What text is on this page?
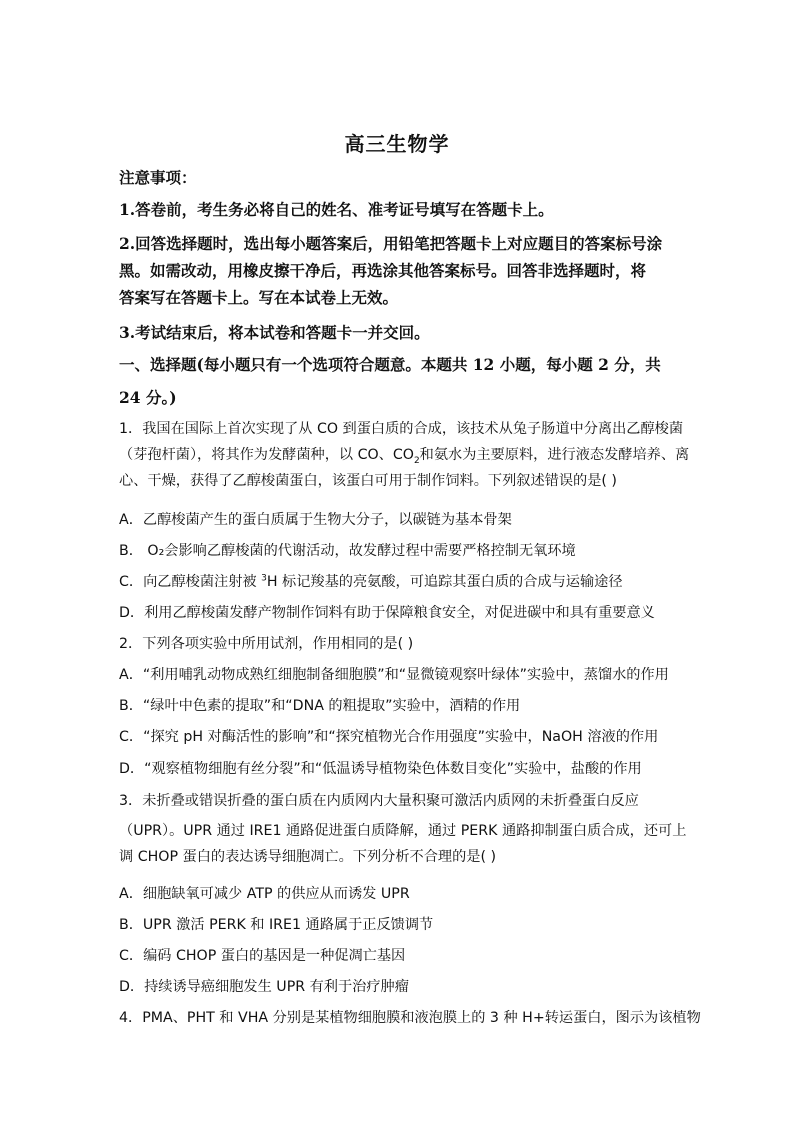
高三生物学
注意事项：
1.答卷前，考生务必将自己的姓名、准考证号填写在答题卡上。
2.回答选择题时，选出每小题答案后，用铅笔把答题卡上对应题目的答案标号涂
黑。如需改动，用橡皮擦干净后，再选涂其他答案标号。回答非选择题时，将
答案写在答题卡上。写在本试卷上无效。
3.考试结束后，将本试卷和答题卡一并交回。
一、选择题(每小题只有一个选项符合题意。本题共 12 小题，每小题 2 分，共
24 分。)
1．我国在国际上首次实现了从 CO 到蛋白质的合成，该技术从兔子肠道中分离出乙醇梭菌
（芽孢杆菌），将其作为发酵菌种，以 CO、$CO_2$和氨水为主要原料，进行液态发酵培养、离
心、干燥，获得了乙醇梭菌蛋白，该蛋白可用于制作饲料。下列叙述错误的是( )
A．乙醇梭菌产生的蛋白质属于生物大分子，以碳链为基本骨架
B． O₂会影响乙醇梭菌的代谢活动，故发酵过程中需要严格控制无氧环境
C．向乙醇梭菌注射被 $^3$H 标记羧基的亮氨酸，可追踪其蛋白质的合成与运输途径
D．利用乙醇梭菌发酵产物制作饲料有助于保障粮食安全，对促进碳中和具有重要意义
2．下列各项实验中所用试剂，作用相同的是( )
A．“利用哺乳动物成熟红细胞制备细胞膜”和“显微镜观察叶绿体”实验中，蒸馏水的作用
B．“绿叶中色素的提取”和“DNA 的粗提取”实验中，酒精的作用
C．“探究 pH 对酶活性的影响”和“探究植物光合作用强度”实验中，NaOH 溶液的作用
D．“观察植物细胞有丝分裂”和“低温诱导植物染色体数目变化”实验中，盐酸的作用
3．未折叠或错误折叠的蛋白质在内质网内大量积聚可激活内质网的未折叠蛋白反应
（UPR）。UPR 通过 IRE1 通路促进蛋白质降解，通过 PERK 通路抑制蛋白质合成，还可上
调 CHOP 蛋白的表达诱导细胞凋亡。下列分析不合理的是( )
A．细胞缺氧可减少 ATP 的供应从而诱发 UPR
B．UPR 激活 PERK 和 IRE1 通路属于正反馈调节
C．编码 CHOP 蛋白的基因是一种促凋亡基因
D．持续诱导癌细胞发生 UPR 有利于治疗肿瘤
4．PMA、PHT 和 VHA 分别是某植物细胞膜和液泡膜上的 3 种 H+转运蛋白，图示为该植物
